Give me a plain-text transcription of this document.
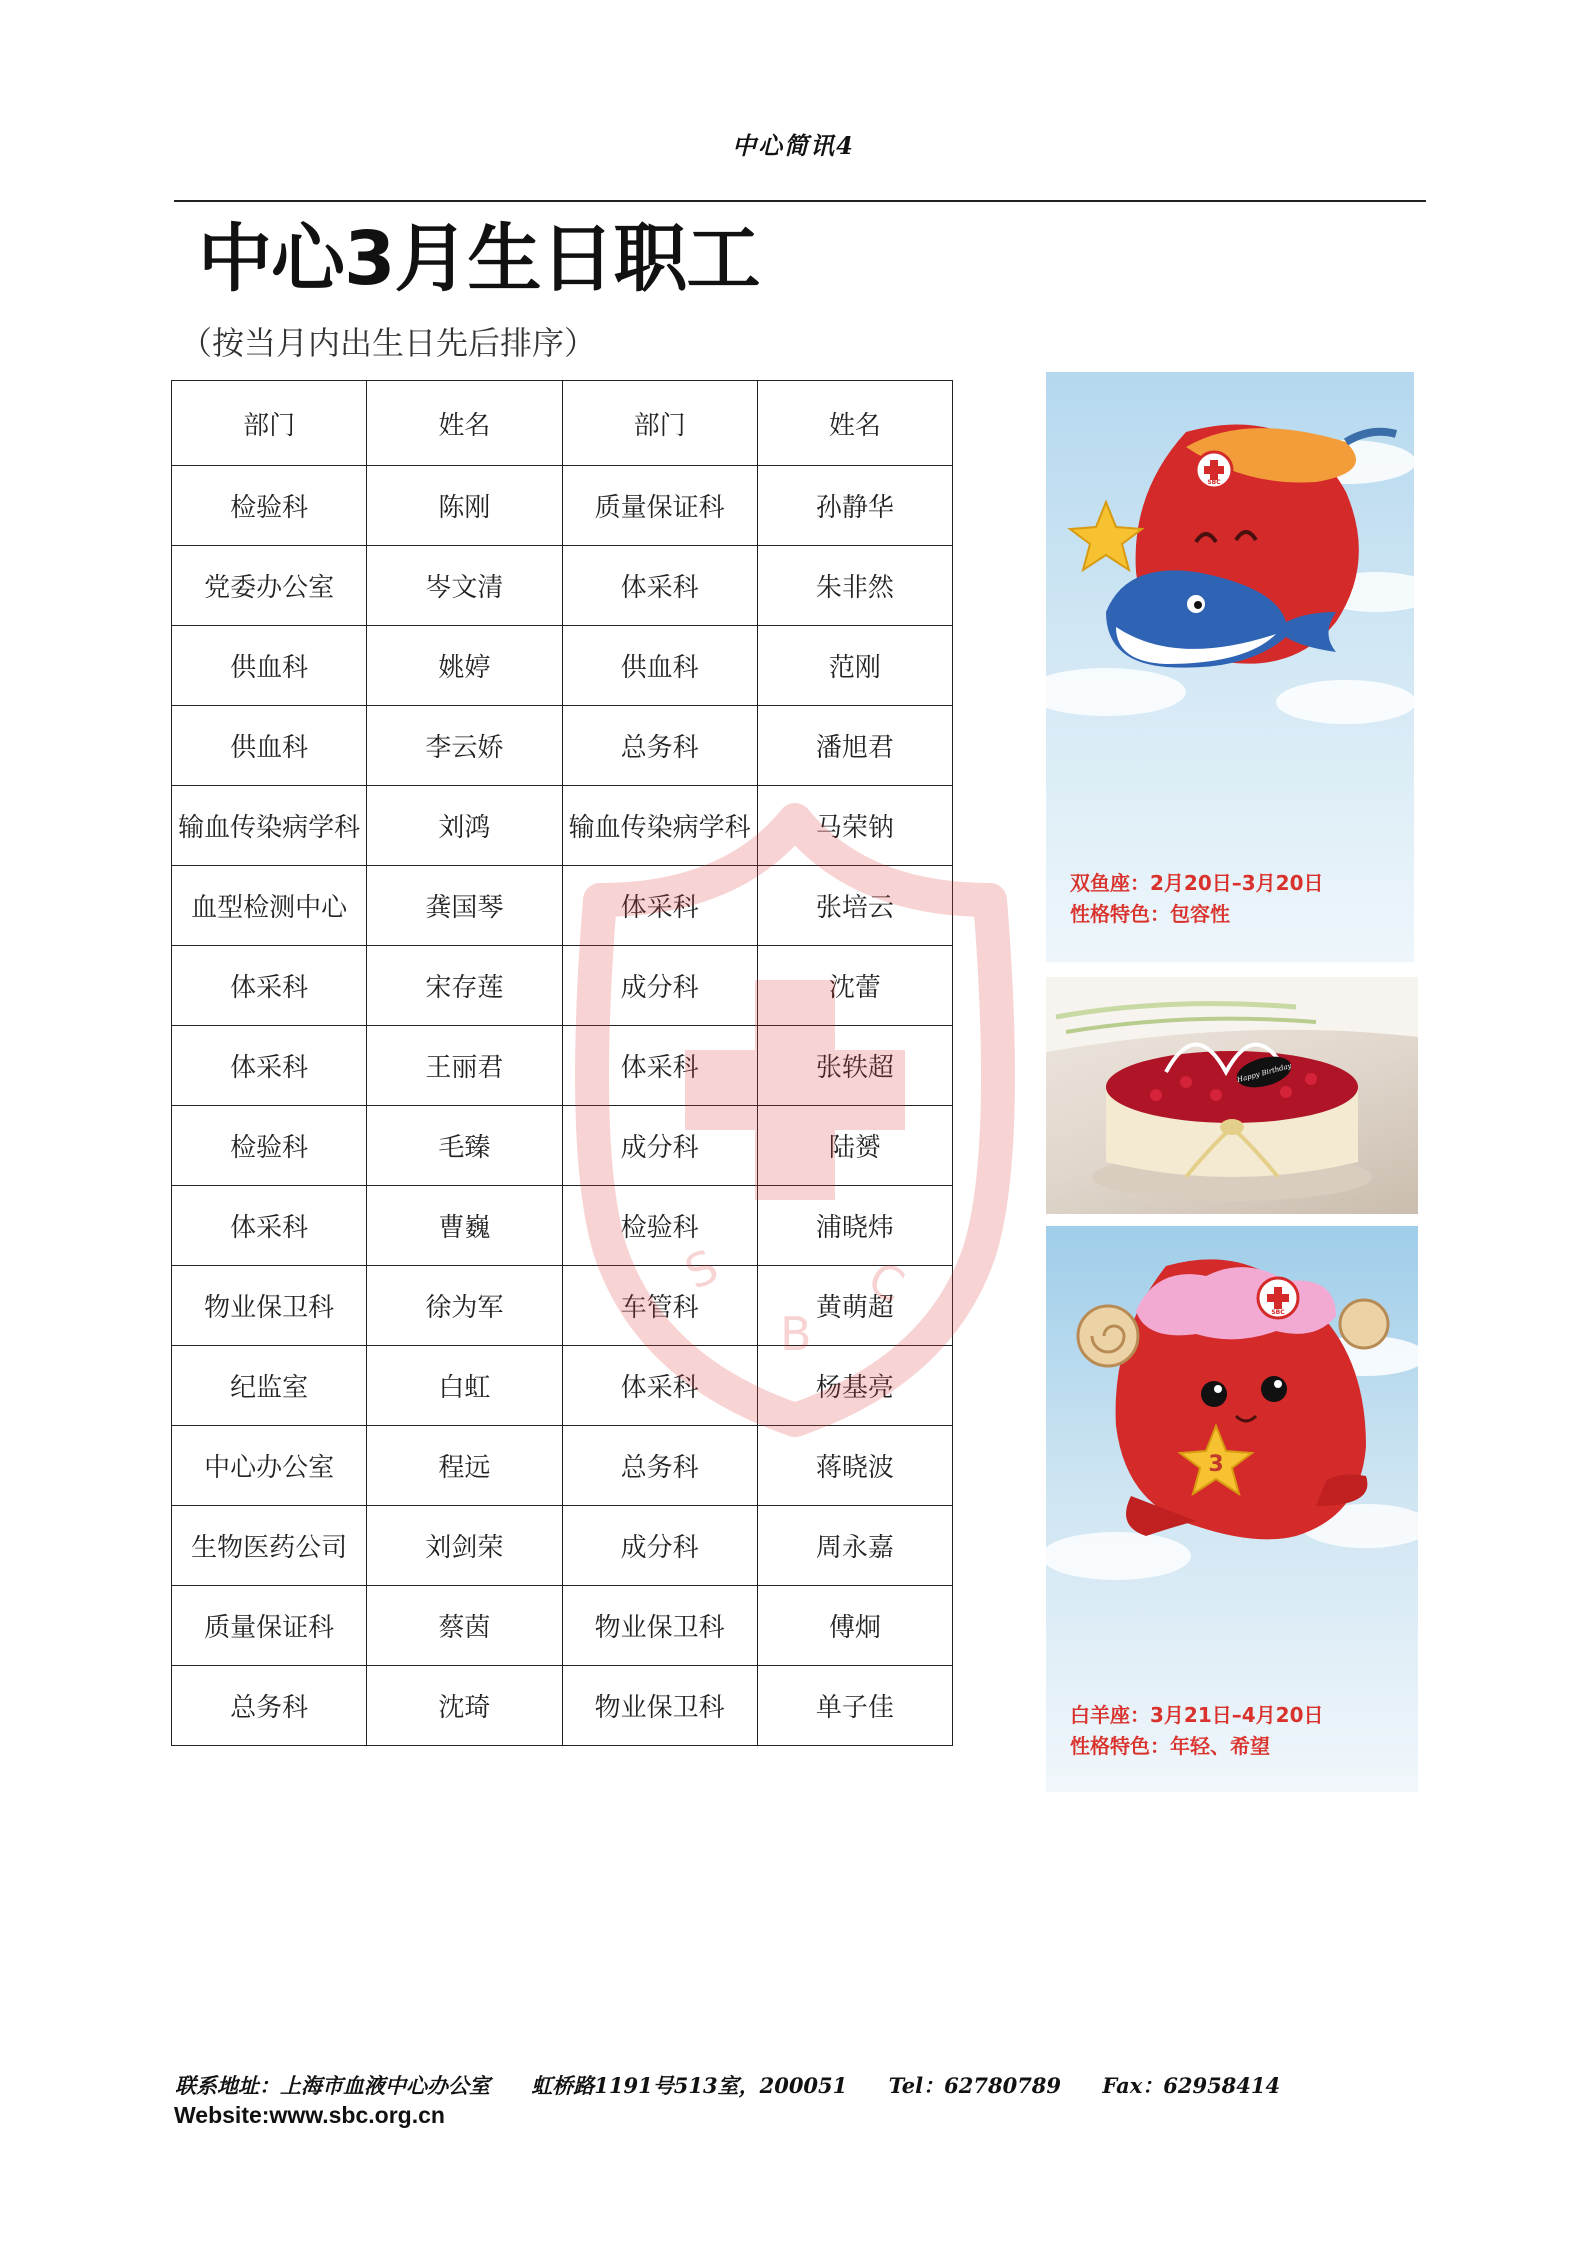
中心简讯4
中心3月生日职工
（按当月内出生日先后排序）
部门	姓名	部门	姓名
检验科	陈刚	质量保证科	孙静华
党委办公室	岑文清	体采科	朱非然
供血科	姚婷	供血科	范刚
供血科	李云娇	总务科	潘旭君
输血传染病学科	刘鸿	输血传染病学科	马荣钠
血型检测中心	龚国琴	体采科	张培云
体采科	宋存莲	成分科	沈蕾
体采科	王丽君	体采科	张轶超
检验科	毛臻	成分科	陆赟
体采科	曹巍	检验科	浦晓炜
物业保卫科	徐为军	车管科	黄萌超
纪监室	白虹	体采科	杨基亮
中心办公室	程远	总务科	蒋晓波
生物医药公司	刘剑荣	成分科	周永嘉
质量保证科	蔡茵	物业保卫科	傅炯
总务科	沈琦	物业保卫科	单子佳
S
B
C
SBC
双鱼座：2月20日–3月20日
性格特色：包容性
Happy Birthday
SBC
3
白羊座：3月21日–4月20日
性格特色：年轻、希望
联系地址：上海市血液中心办公室 虹桥路1191号513室，200051 Tel：62780789 Fax：62958414
Website:www.sbc.org.cn
